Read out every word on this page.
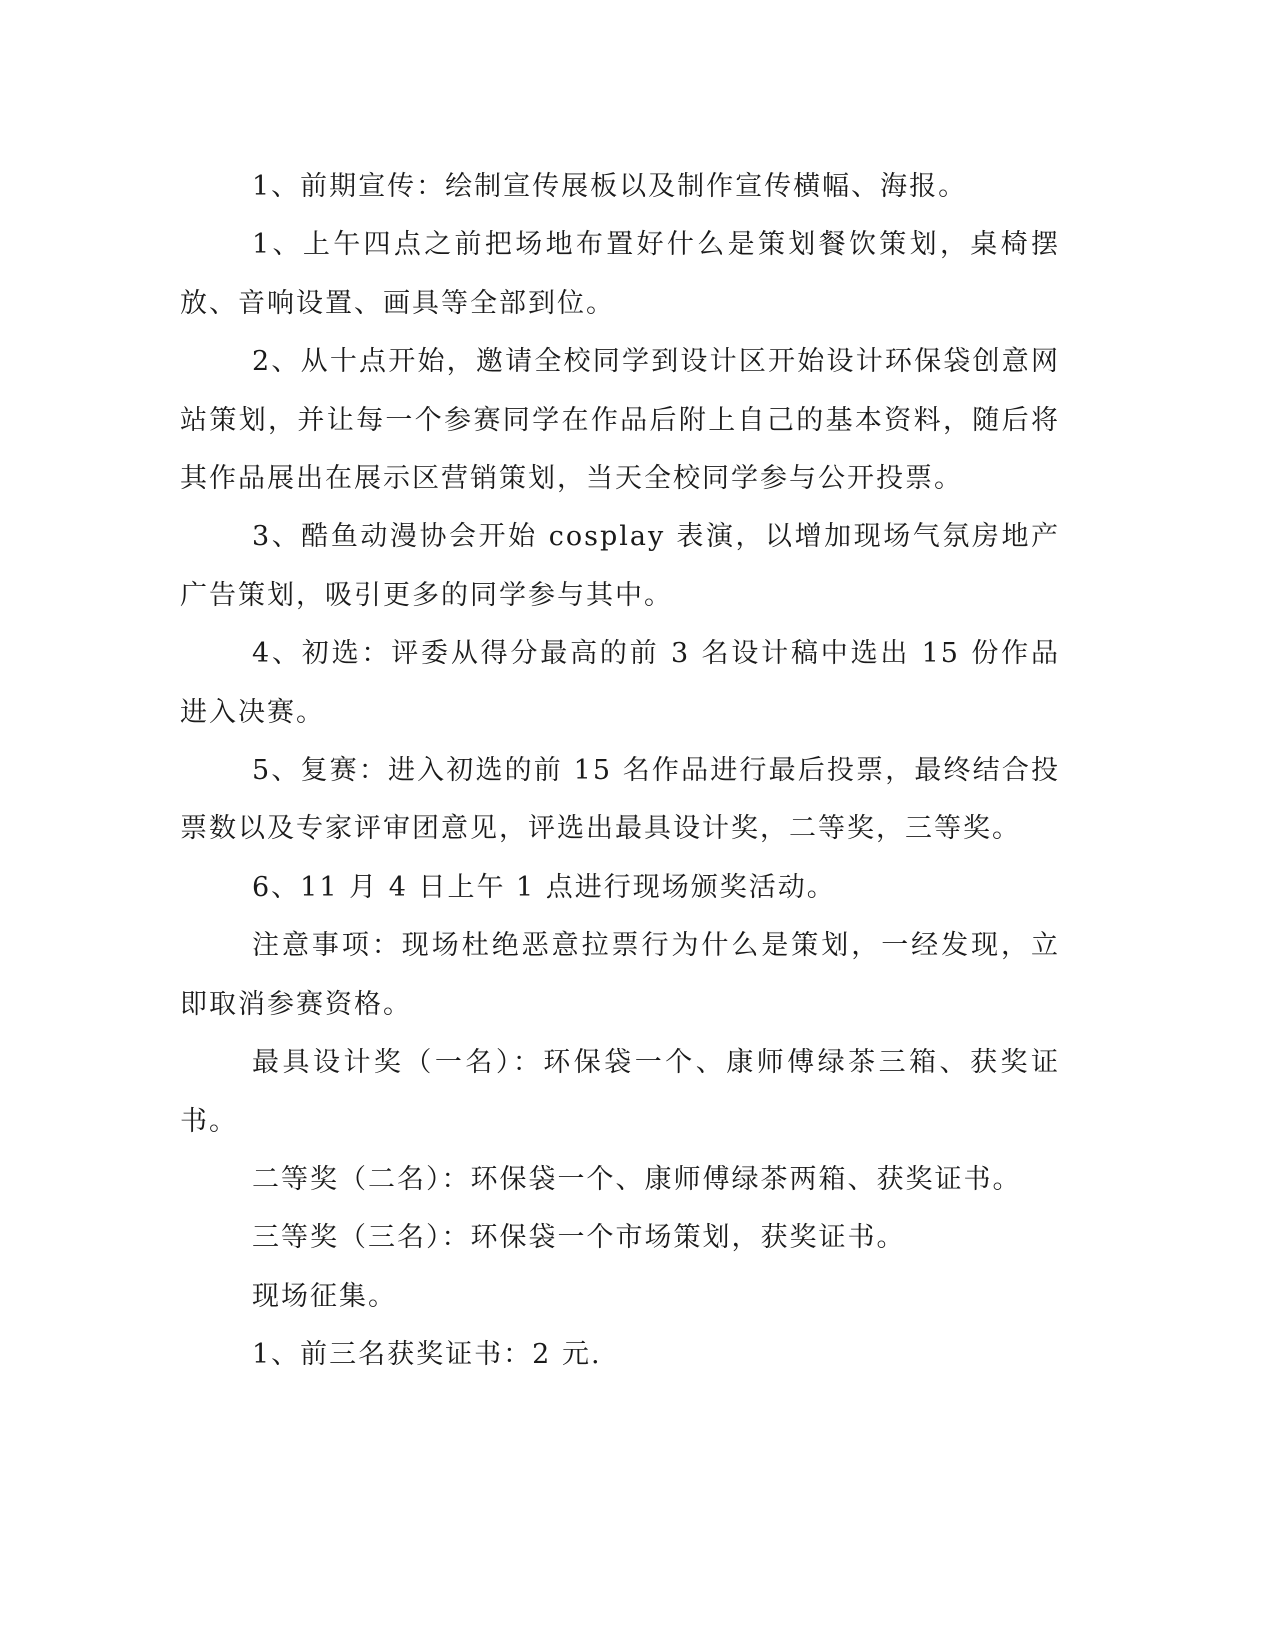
1、前期宣传：绘制宣传展板以及制作宣传横幅、海报。

1、上午四点之前把场地布置好什么是策划餐饮策划，桌椅摆放、音响设置、画具等全部到位。

2、从十点开始，邀请全校同学到设计区开始设计环保袋创意网站策划，并让每一个参赛同学在作品后附上自己的基本资料，随后将其作品展出在展示区营销策划，当天全校同学参与公开投票。

3、酷鱼动漫协会开始 cosplay 表演，以增加现场气氛房地产广告策划，吸引更多的同学参与其中。

4、初选：评委从得分最高的前 3 名设计稿中选出 15 份作品进入决赛。

5、复赛：进入初选的前 15 名作品进行最后投票，最终结合投票数以及专家评审团意见，评选出最具设计奖，二等奖，三等奖。

6、11 月 4 日上午 1 点进行现场颁奖活动。

注意事项：现场杜绝恶意拉票行为什么是策划，一经发现，立即取消参赛资格。

最具设计奖（一名）：环保袋一个、康师傅绿茶三箱、获奖证书。

二等奖（二名）：环保袋一个、康师傅绿茶两箱、获奖证书。

三等奖（三名）：环保袋一个市场策划，获奖证书。

现场征集。

1、前三名获奖证书：2 元.
